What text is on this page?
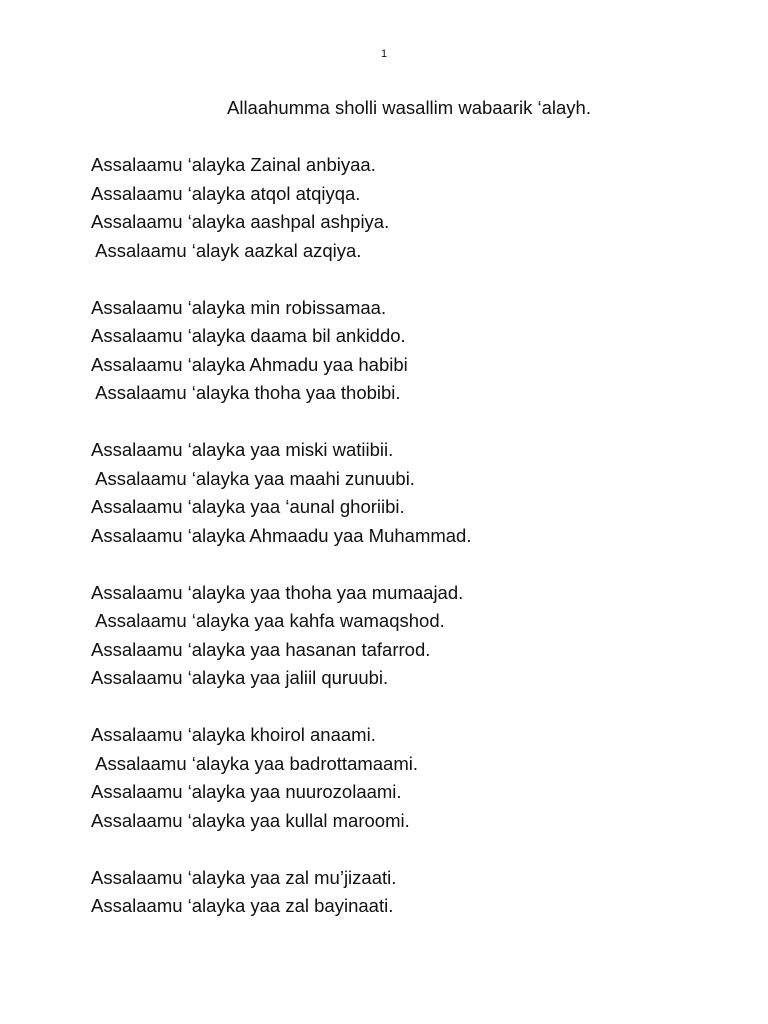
1
Allaahumma sholli wasallim wabaarik ‘alayh.
Assalaamu ‘alayka Zainal anbiyaa.
Assalaamu ‘alayka atqol atqiyqa.
Assalaamu ‘alayka aashpal ashpiya.
Assalaamu ‘alayk aazkal azqiya.
Assalaamu ‘alayka min robissamaa.
Assalaamu ‘alayka daama bil ankiddo.
Assalaamu ‘alayka Ahmadu yaa habibi
Assalaamu ‘alayka thoha yaa thobibi.
Assalaamu ‘alayka yaa miski watiibii.
Assalaamu ‘alayka yaa maahi zunuubi.
Assalaamu ‘alayka yaa ‘aunal ghoriibi.
Assalaamu ‘alayka Ahmaadu yaa Muhammad.
Assalaamu ‘alayka yaa thoha yaa mumaajad.
Assalaamu ‘alayka yaa kahfa wamaqshod.
Assalaamu ‘alayka yaa hasanan tafarrod.
Assalaamu ‘alayka yaa jaliil quruubi.
Assalaamu ‘alayka khoirol anaami.
Assalaamu ‘alayka yaa badrottamaami.
Assalaamu ‘alayka yaa nuurozolaami.
Assalaamu ‘alayka yaa kullal maroomi.
Assalaamu ‘alayka yaa zal mu’jizaati.
Assalaamu ‘alayka yaa zal bayinaati.
